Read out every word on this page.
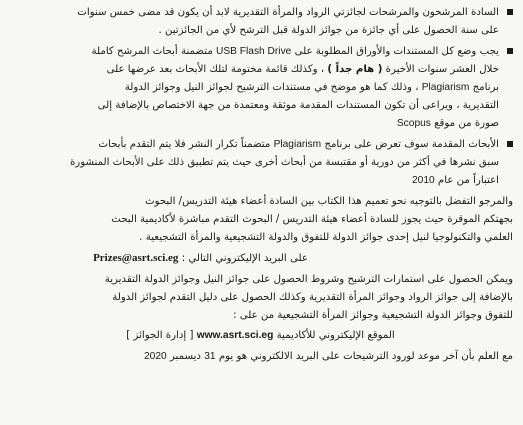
السادة المرشحون والمرشحات لجائزتي الرواد والمرأة التقديرية لابد أن يكون قد مضى خمس سنوات
على سنة الحصول على أي جائزة من جوائز الدولة قبل الترشح لأي من الجائزتين .
يجب وضع كل المستندات والأوراق المطلوبة على USB Flash Drive متضمنة أبحاث المرشح كاملة
خلال العشر سنوات الأخيرة ( هام جداً ) ، وكذلك قائمة مختومة لتلك الأبحاث بعد عرضها على
برنامج Plagiarism ، وذلك كما هو موضح في مستندات الترشيح لجوائز النيل وجوائز الدولة
التقديرية ، ويراعى أن تكون المستندات المقدمة موثقة ومعتمدة من جهة الاختصاص بالإضافة إلى
صورة من موقع Scopus
الأبحاث المقدمة سوف تعرض على برنامج Plagiarism متضمناً تكرار النشر فلا يتم التقدم بأبحاث
سبق نشرها في أكثر من دورية أو مقتبسة من أبحاث أخرى حيث يتم تطبيق ذلك على الأبحاث المنشورة
اعتباراً من عام 2010
والمرجو التفضل بالتوجيه نحو تعميم هذا الكتاب بين السادة أعضاء هيئة التدريس/ البحوث
بجهتكم الموقرة حيث يجوز للسادة أعضاء هيئة التدريس / البحوث التقدم مباشرة لأكاديمية البحث
العلمي والتكنولوجيا لنيل إحدى جوائز الدولة للتفوق والدولة التشجيعية والمرأة التشجيعية .
على البريد الإليكتروني التالي : Prizes@asrt.sci.eg
ويمكن الحصول على استمارات الترشيح وشروط الحصول على جوائز النيل وجوائز الدولة التقديرية
بالإضافة إلى جوائز الرواد وجوائز المرأة التقديرية وكذلك الحصول على دليل التقدم لجوائز الدولة
للتفوق وجوائز الدولة التشجيعية وجوائز المرأة التشجيعية من على :
الموقع الإليكتروني للأكاديمية www.asrt.sci.eg [ إدارة الجوائز ]
مع العلم بأن آخر موعد لورود الترشيحات على البريد الالكتروني هو يوم 31 ديسمبر 2020
